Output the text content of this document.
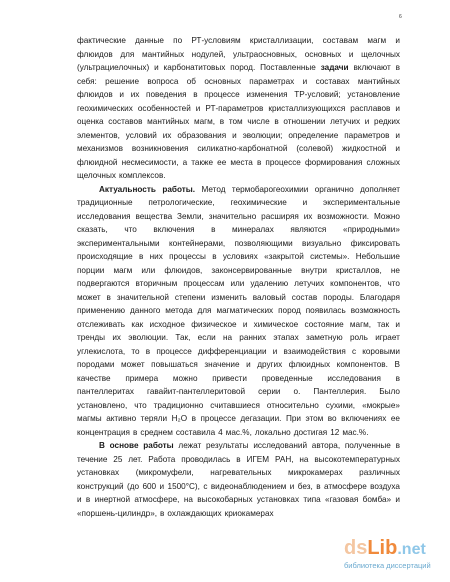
6
фактические данные по РТ-условиям кристаллизации, составам магм и
флюидов для мантийных нодулей, ультраосновных, основных и щелочных
(ультрациелочных) и карбонатитовых пород. Поставленные задачи включают в
себя: решение вопроса об основных параметрах и составах мантийных
флюидов и их поведения в процессе изменения ТР-условий; установление
геохимических особенностей и РТ-параметров кристаллизующихся расплавов и
оценка составов мантийных магм, в том числе в отношении летучих и редких
элементов, условий их образования и эволюции; определение параметров и
механизмов возникновения силикатно-карбонатной (солевой) жидкостной и
флюидной несмесимости, а также ее места в процессе формирования сложных
щелочных комплексов.
Актуальность работы. Метод термобарогеохимии органично дополняет
традиционные петрологические, геохимические и экспериментальные
исследования вещества Земли, значительно расширяя их возможности. Можно
сказать, что включения в минералах являются «природными»
экспериментальными контейнерами, позволяющими визуально фиксировать
происходящие в них процессы в условиях «закрытой системы». Небольшие
порции магм или флюидов, законсервированные внутри кристаллов, не
подвергаются вторичным процессам или удалению летучих компонентов, что
может в значительной степени изменить валовый состав породы. Благодаря
применению данного метода для магматических пород появилась возможность
отслеживать как исходное физическое и химическое состояние магм, так и
тренды их эволюции. Так, если на ранних этапах заметную роль играет
углекислота, то в процессе дифференциации и взаимодействия с коровыми
породами может повышаться значение и других флюидных компонентов. В
качестве примера можно привести проведенные исследования в
пантеллеритах гавайит-пантеллеритовой серии о. Пантеллерия. Было
установлено, что традиционно считавшиеся относительно сухими, «мокрые»
магмы активно теряли H₂O в процессе дегазации. При этом во включениях ее
концентрация в среднем составила 4 мас.%, локально достигая 12 мас.%.
В основе работы лежат результаты исследований автора, полученные в
течение 25 лет. Работа проводилась в ИГЕМ РАН, на высокотемпературных
установках (микромуфели, нагревательных микрокамерах различных
конструкций (до 600 и 1500°С), с видеонаблюдением и без, в атмосфере воздуха
и в инертной атмосфере, на высокобарных установках типа «газовая бомба» и
«поршень-цилиндр», в охлаждающих криокамерах
ds Lib .net
библиотека диссертаций
